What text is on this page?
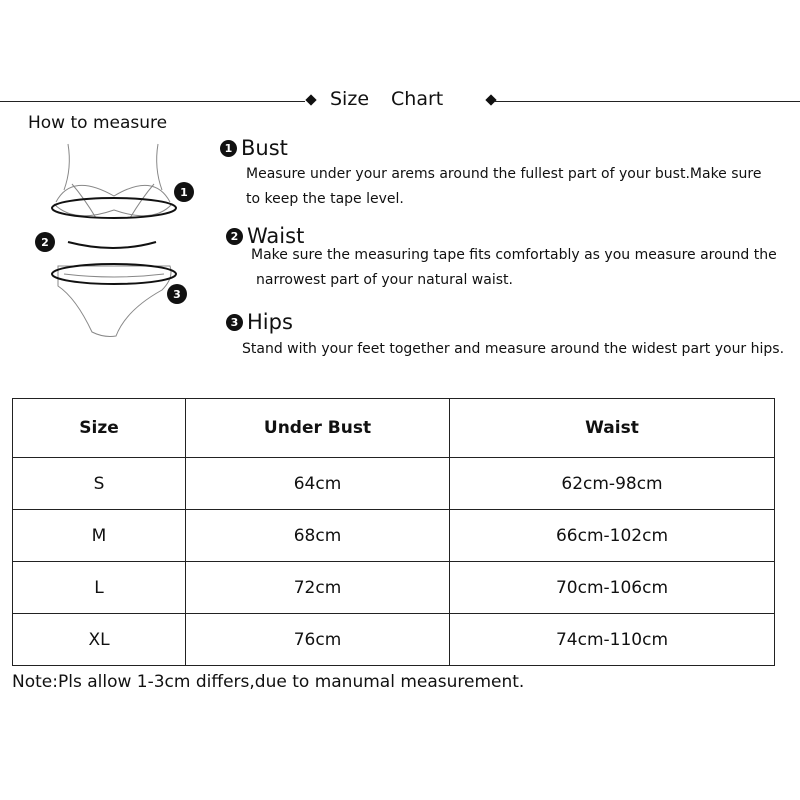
Size Chart
How to measure
1
2
3
1 Bust
Measure under your arems around the fullest part of your bust.Make sure
to keep the tape level.
2 Waist
Make sure the measuring tape fits comfortably as you measure around the
narrowest part of your natural waist.
3 Hips
Stand with your feet together and measure around the widest part your hips.
Size	Under Bust	Waist
S	64cm	62cm-98cm
M	68cm	66cm-102cm
L	72cm	70cm-106cm
XL	76cm	74cm-110cm
Note:Pls allow 1-3cm differs,due to manumal measurement.
